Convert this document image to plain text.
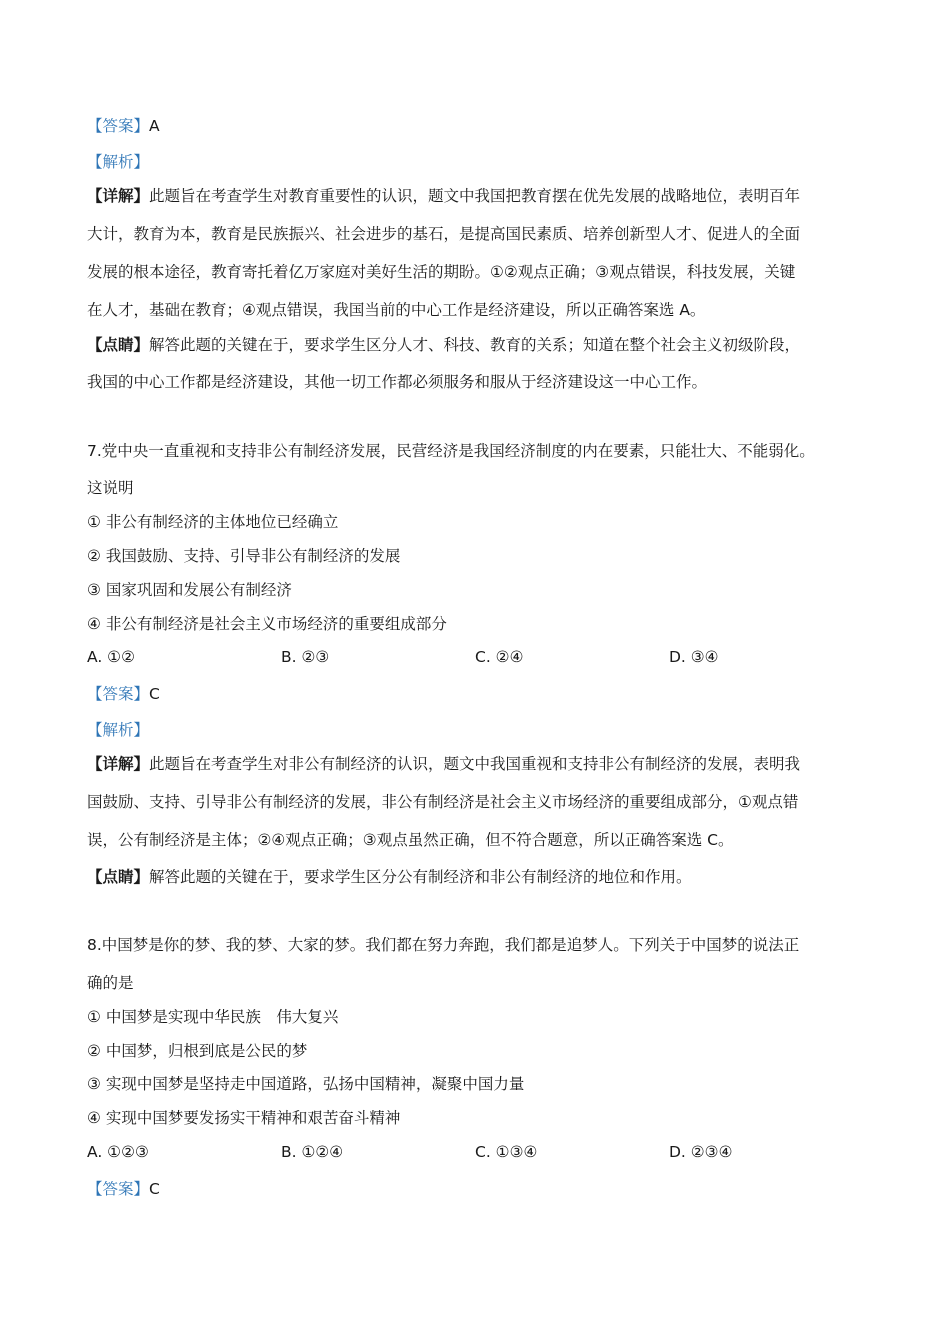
【答案】A
【解析】
【详解】此题旨在考查学生对教育重要性的认识，题文中我国把教育摆在优先发展的战略地位，表明百年
大计，教育为本，教育是民族振兴、社会进步的基石，是提高国民素质、培养创新型人才、促进人的全面
发展的根本途径，教育寄托着亿万家庭对美好生活的期盼。①②观点正确；③观点错误，科技发展，关键
在人才，基础在教育；④观点错误，我国当前的中心工作是经济建设，所以正确答案选 A。
【点睛】解答此题的关键在于，要求学生区分人才、科技、教育的关系；知道在整个社会主义初级阶段，
我国的中心工作都是经济建设，其他一切工作都必须服务和服从于经济建设这一中心工作。
7.党中央一直重视和支持非公有制经济发展，民营经济是我国经济制度的内在要素，只能壮大、不能弱化。
这说明
① 非公有制经济的主体地位已经确立
② 我国鼓励、支持、引导非公有制经济的发展
③ 国家巩固和发展公有制经济
④ 非公有制经济是社会主义市场经济的重要组成部分
A. ①②	B. ②③	C. ②④	D. ③④
【答案】C
【解析】
【详解】此题旨在考查学生对非公有制经济的认识，题文中我国重视和支持非公有制经济的发展，表明我
国鼓励、支持、引导非公有制经济的发展，非公有制经济是社会主义市场经济的重要组成部分，①观点错
误，公有制经济是主体；②④观点正确；③观点虽然正确，但不符合题意，所以正确答案选 C。
【点睛】解答此题的关键在于，要求学生区分公有制经济和非公有制经济的地位和作用。
8.中国梦是你的梦、我的梦、大家的梦。我们都在努力奔跑，我们都是追梦人。下列关于中国梦的说法正
确的是
① 中国梦是实现中华民族　伟大复兴
② 中国梦，归根到底是公民的梦
③ 实现中国梦是坚持走中国道路，弘扬中国精神，凝聚中国力量
④ 实现中国梦要发扬实干精神和艰苦奋斗精神
A. ①②③	B. ①②④	C. ①③④	D. ②③④
【答案】C
